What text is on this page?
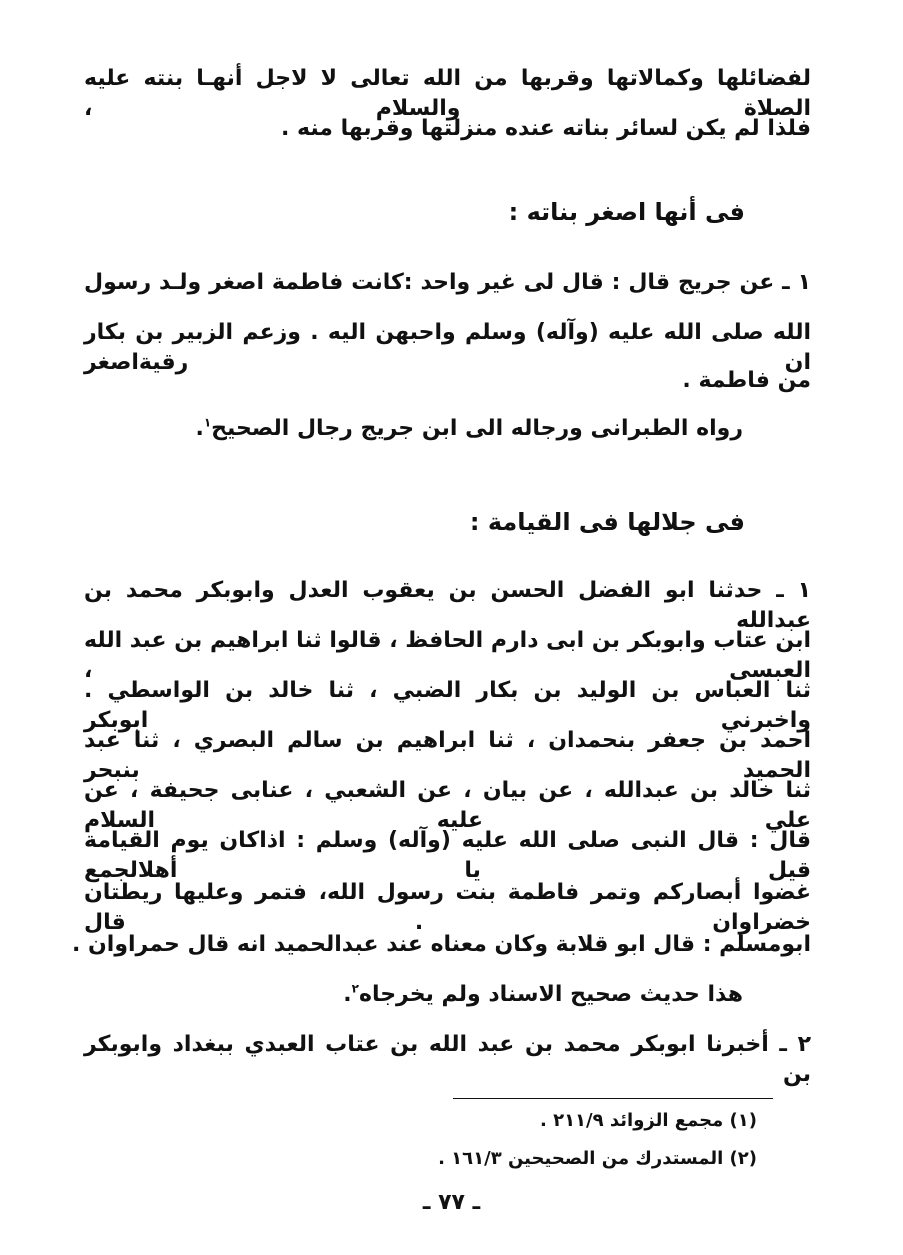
لفضائلها وكمالاتها وقربها من الله تعالى لا لاجل أنهـا بنته عليه الصلاة والسلام ،
فلذا لم يكن لسائر بناته عنده منزلتها وقربها منه .
فى أنها اصغر بناته :
١ ـ عن جريج قال : قال لى غير واحد :كانت فاطمة اصغر ولـد رسول
الله صلى الله عليه (وآله) وسلم واحبهن اليه . وزعم الزبير بن بكار ان رقيةاصغر
من فاطمة .
رواه الطبرانى ورجاله الى ابن جريج رجال الصحيح$^١$.
فى جلالها فى القيامة :
١ ـ حدثنا ابو الفضل الحسن بن يعقوب العدل وابوبكر محمد بن عبدالله
ابن عتاب وابوبكر بن ابى دارم الحافظ ، قالوا ثنا ابراهيم بن عبد الله العبسى ،
ثنا العباس بن الوليد بن بكار الضبي ، ثنا خالد بن الواسطي . واخبرني ابوبكر
احمد بن جعفر بنحمدان ، ثنا ابراهيم بن سالم البصري ، ثنا عبد الحميد بنبحر
ثنا خالد بن عبدالله ، عن بيان ، عن الشعبي ، عنابى جحيفة ، عن علي عليه السلام
قال : قال النبى صلى الله عليه (وآله) وسلم : اذاكان يوم القيامة قيل يا أهلالجمع
غضوا أبصاركم وتمر فاطمة بنت رسول الله، فتمر وعليها ريطتان خضراوان . قال
ابومسلم : قال ابو قلابة وكان معناه عند عبدالحميد انه قال حمراوان .
هذا حديث صحيح الاسناد ولم يخرجاه$^٢$.
٢ ـ أخبرنا ابوبكر محمد بن عبد الله بن عتاب العبدي ببغداد وابوبكر بن
(١) مجمع الزوائد ٢١١/٩ .
(٢) المستدرك من الصحيحين ١٦١/٣ .
ـ ٧٧ ـ
